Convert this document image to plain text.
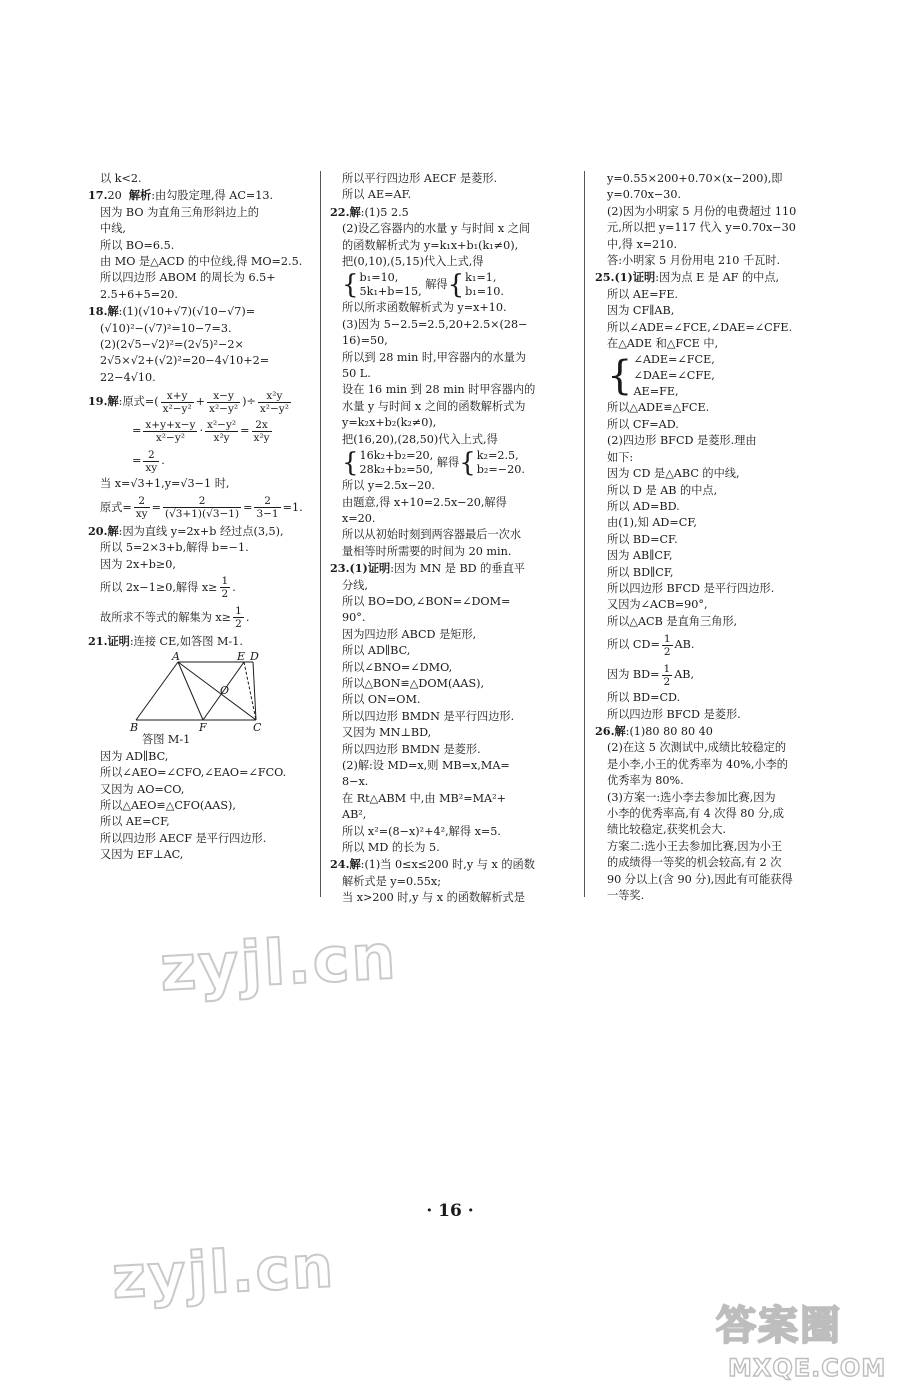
以 k<2.
17.20 解析:由勾股定理,得 AC=13.
因为 BO 为直角三角形斜边上的
中线,
所以 BO=6.5.
由 MO 是△ACD 的中位线,得 MO=2.5.
所以四边形 ABOM 的周长为 6.5+
2.5+6+5=20.
18.解:(1)(√10+√7)(√10−√7)=
(√10)²−(√7)²=10−7=3.
(2)(2√5−√2)²=(2√5)²−2×
2√5×√2+(√2)²=20−4√10+2=
22−4√10.
19.解:原式=( $\frac{x+y}{\text{x²−y²}} + \frac{x-y}{\text{x²−y²}}$ )÷ $\frac{\text{x²y}}{\text{x²−y²}}$
= $\frac{x+y+x-y}{\text{x²−y²}} \cdot \frac{\text{x²−y²}}{\text{x²y}} = \frac{2x}{\text{x²y}}$
= $\frac{2}{xy}$ .
当 x=√3+1,y=√3−1 时,
原式= $\frac{2}{xy} = \frac{2}{(√3+1)(√3-1)} = \frac{2}{3-1} =1$.
20.解:因为直线 y=2x+b 经过点(3,5),
所以 5=2×3+b,解得 b=−1.
因为 2x+b≥0,
所以 2x−1≥0,解得 $x\ge \frac{1}{2}$ .
故所求不等式的解集为 $x\ge \frac{1}{2}$ .
21.证明:连接 CE,如答图 M-1.
A	E D
O
B	F	C
答图 M-1
因为 AD∥BC,
所以∠AEO=∠CFO,∠EAO=∠FCO.
又因为 AO=CO,
所以△AEO≌△CFO(AAS),
所以 AE=CF,
所以四边形 AECF 是平行四边形.
又因为 EF⊥AC,
所以平行四边形 AECF 是菱形.
所以 AE=AF.
22.解:(1)5 2.5
(2)设乙容器内的水量 y 与时间 x 之间
的函数解析式为 y=k₁x+b₁(k₁≠0),
把(0,10),(5,15)代入上式,得
{ b₁=10,
5k₁+b=15,
解得{ k₁=1,
b₁=10.
所以所求函数解析式为 y=x+10.
(3)因为 5−2.5=2.5,20+2.5×(28−
16)=50,
所以到 28 min 时,甲容器内的水量为
50 L.
设在 16 min 到 28 min 时甲容器内的
水量 y 与时间 x 之间的函数解析式为
y=k₂x+b₂(k₂≠0),
把(16,20),(28,50)代入上式,得
{ 16k₂+b₂=20,
28k₂+b₂=50,
解得{ k₂=2.5,
b₂=−20.
所以 y=2.5x−20.
由题意,得 x+10=2.5x−20,解得
x=20.
所以从初始时刻到两容器最后一次水
量相等时所需要的时间为 20 min.
23.(1)证明:因为 MN 是 BD 的垂直平
分线,
所以 BO=DO,∠BON=∠DOM=
90°.
因为四边形 ABCD 是矩形,
所以 AD∥BC,
所以∠BNO=∠DMO,
所以△BON≌△DOM(AAS),
所以 ON=OM.
所以四边形 BMDN 是平行四边形.
又因为 MN⊥BD,
所以四边形 BMDN 是菱形.
(2)解:设 MD=x,则 MB=x,MA=
8−x.
在 Rt△ABM 中,由 MB²=MA²+
AB²,
所以 x²=(8−x)²+4²,解得 x=5.
所以 MD 的长为 5.
24.解:(1)当 0≤x≤200 时,y 与 x 的函数
解析式是 y=0.55x;
当 x>200 时,y 与 x 的函数解析式是
y=0.55×200+0.70×(x−200),即
y=0.70x−30.
(2)因为小明家 5 月份的电费超过 110
元,所以把 y=117 代入 y=0.70x−30
中,得 x=210.
答:小明家 5 月份用电 210 千瓦时.
25.(1)证明:因为点 E 是 AF 的中点,
所以 AE=FE.
因为 CF∥AB,
所以∠ADE=∠FCE,∠DAE=∠CFE.
在△ADE 和△FCE 中,
{ ∠ADE=∠FCE,
∠DAE=∠CFE,
AE=FE,
所以△ADE≌△FCE.
所以 CF=AD.
(2)四边形 BFCD 是菱形.理由
如下:
因为 CD 是△ABC 的中线,
所以 D 是 AB 的中点,
所以 AD=BD.
由(1),知 AD=CF,
所以 BD=CF.
因为 AB∥CF,
所以 BD∥CF,
所以四边形 BFCD 是平行四边形.
又因为∠ACB=90°,
所以△ACB 是直角三角形,
所以 $CD= \frac{1}{2}$ AB.
因为 $BD= \frac{1}{2}$ AB,
所以 BD=CD.
所以四边形 BFCD 是菱形.
26.解:(1)80 80 80 40
(2)在这 5 次测试中,成绩比较稳定的
是小李,小王的优秀率为 40%,小李的
优秀率为 80%.
(3)方案一:选小李去参加比赛,因为
小李的优秀率高,有 4 次得 80 分,成
绩比较稳定,获奖机会大.
方案二:选小王去参加比赛,因为小王
的成绩得一等奖的机会较高,有 2 次
90 分以上(含 90 分),因此有可能获得
一等奖.
· 16 ·
zyjl.cn
zyjl.cn
答案圈
MXQE.COM
